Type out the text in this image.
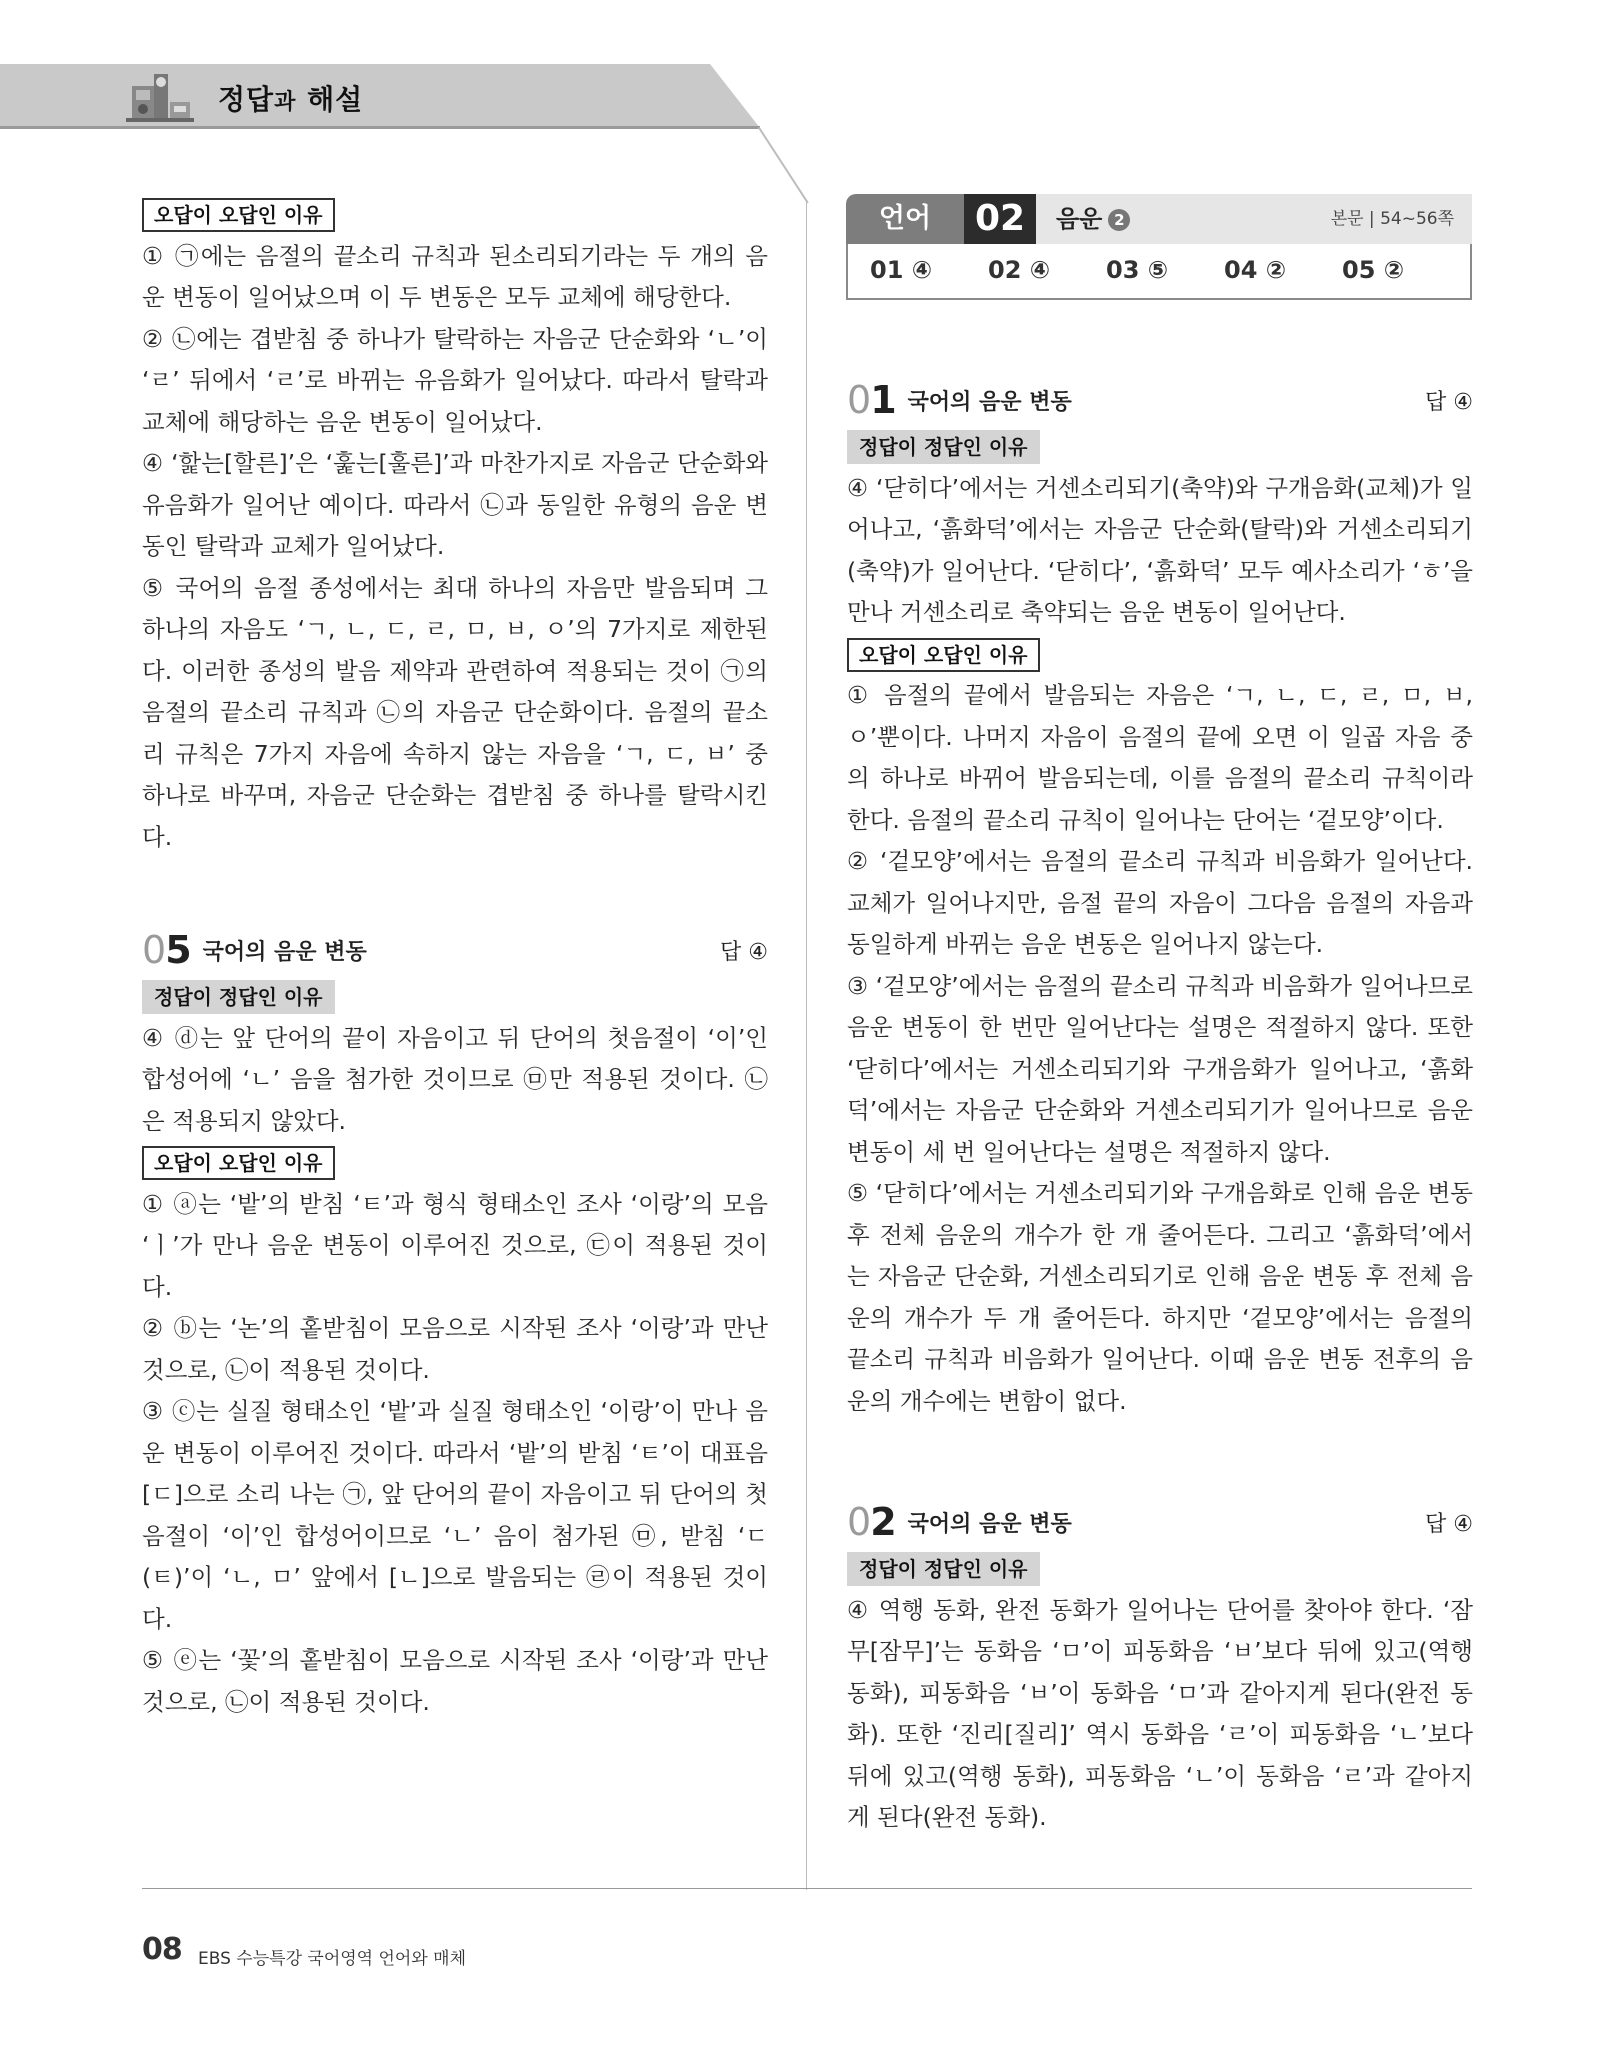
정답과 해설
오답이 오답인 이유

① ㉠에는 음절의 끝소리 규칙과 된소리되기라는 두 개의 음운 변동이 일어났으며 이 두 변동은 모두 교체에 해당한다.

② ㉡에는 겹받침 중 하나가 탈락하는 자음군 단순화와 ‘ㄴ’이 ‘ㄹ’ 뒤에서 ‘ㄹ’로 바뀌는 유음화가 일어났다. 따라서 탈락과 교체에 해당하는 음운 변동이 일어났다.

④ ‘핥는[할른]’은 ‘훑는[훌른]’과 마찬가지로 자음군 단순화와 유음화가 일어난 예이다. 따라서 ㉡과 동일한 유형의 음운 변동인 탈락과 교체가 일어났다.

⑤ 국어의 음절 종성에서는 최대 하나의 자음만 발음되며 그 하나의 자음도 ‘ㄱ, ㄴ, ㄷ, ㄹ, ㅁ, ㅂ, ㅇ’의 7가지로 제한된다. 이러한 종성의 발음 제약과 관련하여 적용되는 것이 ㉠의 음절의 끝소리 규칙과 ㉡의 자음군 단순화이다. 음절의 끝소리 규칙은 7가지 자음에 속하지 않는 자음을 ‘ㄱ, ㄷ, ㅂ’ 중 하나로 바꾸며, 자음군 단순화는 겹받침 중 하나를 탈락시킨다.

05 국어의 음운 변동	답 ④
정답이 정답인 이유

④ ⓓ는 앞 단어의 끝이 자음이고 뒤 단어의 첫음절이 ‘이’인 합성어에 ‘ㄴ’ 음을 첨가한 것이므로 ㉤만 적용된 것이다. ㉡은 적용되지 않았다.

오답이 오답인 이유

① ⓐ는 ‘밭’의 받침 ‘ㅌ’과 형식 형태소인 조사 ‘이랑’의 모음 ‘ㅣ’가 만나 음운 변동이 이루어진 것으로, ㉢이 적용된 것이다.

② ⓑ는 ‘논’의 홑받침이 모음으로 시작된 조사 ‘이랑’과 만난 것으로, ㉡이 적용된 것이다.

③ ⓒ는 실질 형태소인 ‘밭’과 실질 형태소인 ‘이랑’이 만나 음운 변동이 이루어진 것이다. 따라서 ‘밭’의 받침 ‘ㅌ’이 대표음 [ㄷ]으로 소리 나는 ㉠, 앞 단어의 끝이 자음이고 뒤 단어의 첫음절이 ‘이’인 합성어이므로 ‘ㄴ’ 음이 첨가된 ㉤, 받침 ‘ㄷ(ㅌ)’이 ‘ㄴ, ㅁ’ 앞에서 [ㄴ]으로 발음되는 ㉣이 적용된 것이다.

⑤ ⓔ는 ‘꽃’의 홑받침이 모음으로 시작된 조사 ‘이랑’과 만난 것으로, ㉡이 적용된 것이다.

언어	02	음운 2	본문 | 54~56쪽
01 ④ 02 ④ 03 ⑤ 04 ② 05 ②
01 국어의 음운 변동	답 ④
정답이 정답인 이유

④ ‘닫히다’에서는 거센소리되기(축약)와 구개음화(교체)가 일어나고, ‘흙화덕’에서는 자음군 단순화(탈락)와 거센소리되기(축약)가 일어난다. ‘닫히다’, ‘흙화덕’ 모두 예사소리가 ‘ㅎ’을 만나 거센소리로 축약되는 음운 변동이 일어난다.

오답이 오답인 이유

① 음절의 끝에서 발음되는 자음은 ‘ㄱ, ㄴ, ㄷ, ㄹ, ㅁ, ㅂ, ㅇ’뿐이다. 나머지 자음이 음절의 끝에 오면 이 일곱 자음 중의 하나로 바뀌어 발음되는데, 이를 음절의 끝소리 규칙이라 한다. 음절의 끝소리 규칙이 일어나는 단어는 ‘겉모양’이다.

② ‘겉모양’에서는 음절의 끝소리 규칙과 비음화가 일어난다. 교체가 일어나지만, 음절 끝의 자음이 그다음 음절의 자음과 동일하게 바뀌는 음운 변동은 일어나지 않는다.

③ ‘겉모양’에서는 음절의 끝소리 규칙과 비음화가 일어나므로 음운 변동이 한 번만 일어난다는 설명은 적절하지 않다. 또한 ‘닫히다’에서는 거센소리되기와 구개음화가 일어나고, ‘흙화덕’에서는 자음군 단순화와 거센소리되기가 일어나므로 음운 변동이 세 번 일어난다는 설명은 적절하지 않다.

⑤ ‘닫히다’에서는 거센소리되기와 구개음화로 인해 음운 변동 후 전체 음운의 개수가 한 개 줄어든다. 그리고 ‘흙화덕’에서는 자음군 단순화, 거센소리되기로 인해 음운 변동 후 전체 음운의 개수가 두 개 줄어든다. 하지만 ‘겉모양’에서는 음절의 끝소리 규칙과 비음화가 일어난다. 이때 음운 변동 전후의 음운의 개수에는 변함이 없다.

02 국어의 음운 변동	답 ④
정답이 정답인 이유

④ 역행 동화, 완전 동화가 일어나는 단어를 찾아야 한다. ‘잠무[잠무]’는 동화음 ‘ㅁ’이 피동화음 ‘ㅂ’보다 뒤에 있고(역행 동화), 피동화음 ‘ㅂ’이 동화음 ‘ㅁ’과 같아지게 된다(완전 동화). 또한 ‘진리[질리]’ 역시 동화음 ‘ㄹ’이 피동화음 ‘ㄴ’보다 뒤에 있고(역행 동화), 피동화음 ‘ㄴ’이 동화음 ‘ㄹ’과 같아지게 된다(완전 동화).

08 EBS 수능특강 국어영역 언어와 매체
